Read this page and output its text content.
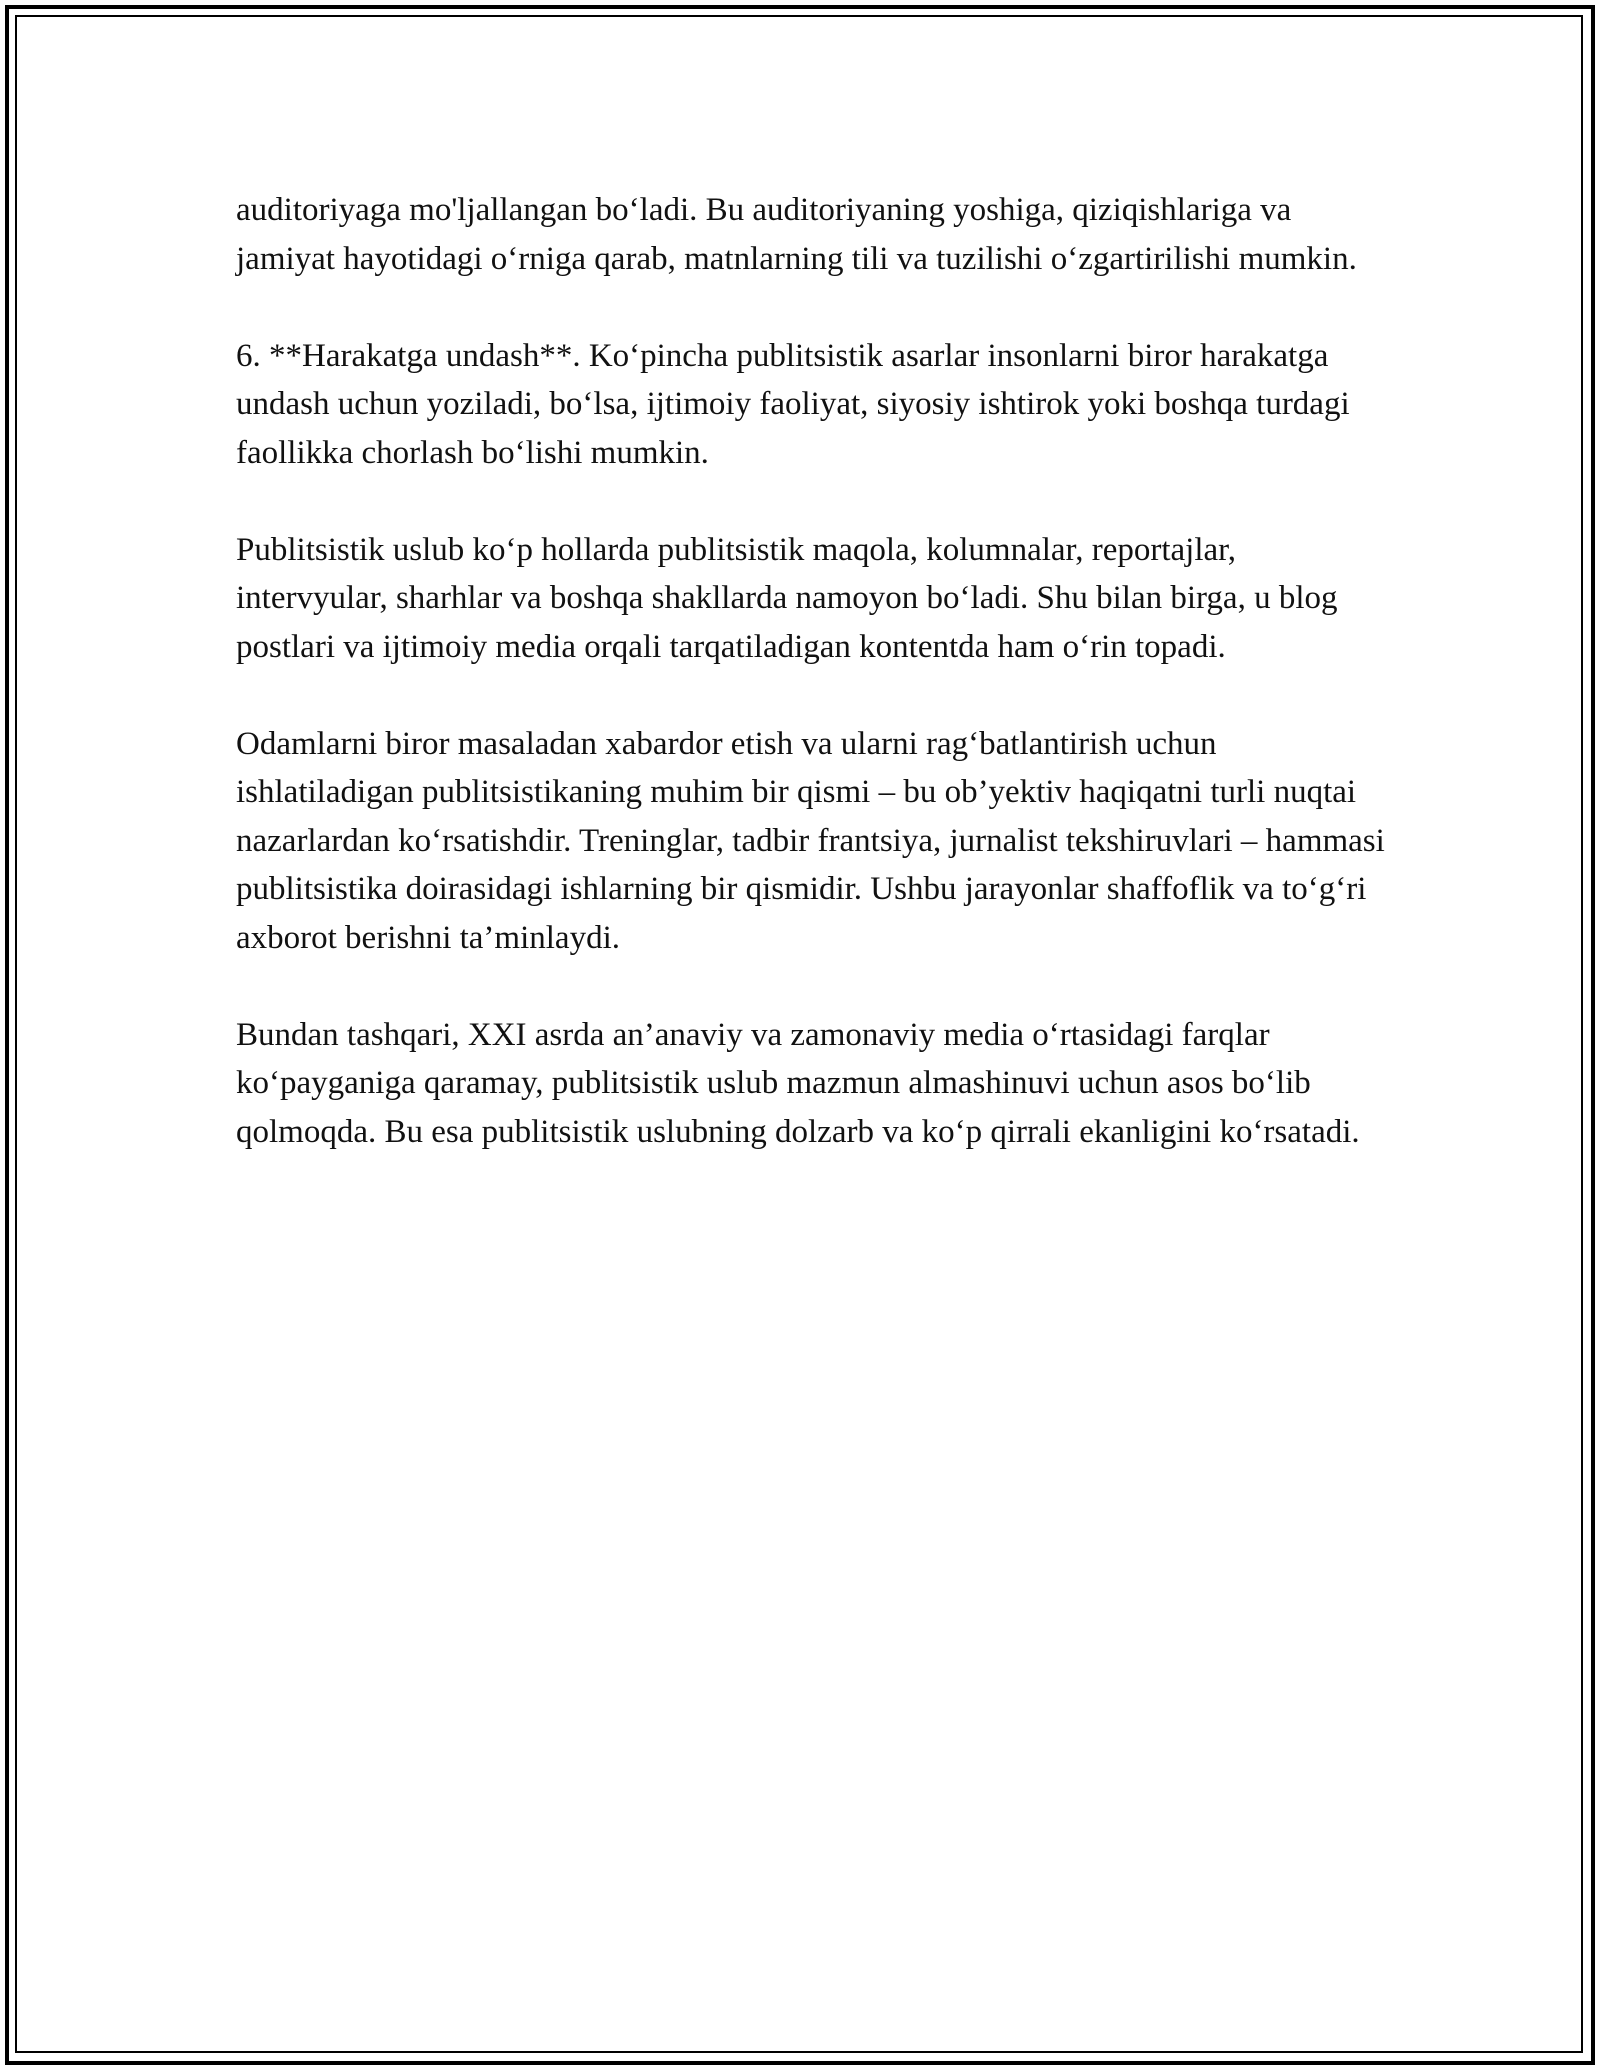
auditoriyaga mo'ljallangan bo‘ladi. Bu auditoriyaning yoshiga, qiziqishlariga va jamiyat hayotidagi o‘rniga qarab, matnlarning tili va tuzilishi o‘zgartirilishi mumkin.

6. **Harakatga undash**. Ko‘pincha publitsistik asarlar insonlarni biror harakatga undash uchun yoziladi, bo‘lsa, ijtimoiy faoliyat, siyosiy ishtirok yoki boshqa turdagi faollikka chorlash bo‘lishi mumkin.

Publitsistik uslub ko‘p hollarda publitsistik maqola, kolumnalar, reportajlar, intervyular, sharhlar va boshqa shakllarda namoyon bo‘ladi. Shu bilan birga, u blog postlari va ijtimoiy media orqali tarqatiladigan kontentda ham o‘rin topadi.

Odamlarni biror masaladan xabardor etish va ularni rag‘batlantirish uchun ishlatiladigan publitsistikaning muhim bir qismi – bu ob’yektiv haqiqatni turli nuqtai nazarlardan ko‘rsatishdir. Treninglar, tadbir frantsiya, jurnalist tekshiruvlari – hammasi publitsistika doirasidagi ishlarning bir qismidir. Ushbu jarayonlar shaffoflik va to‘g‘ri axborot berishni ta’minlaydi.

Bundan tashqari, XXI asrda an’anaviy va zamonaviy media o‘rtasidagi farqlar ko‘payganiga qaramay, publitsistik uslub mazmun almashinuvi uchun asos bo‘lib qolmoqda. Bu esa publitsistik uslubning dolzarb va ko‘p qirrali ekanligini ko‘rsatadi.
